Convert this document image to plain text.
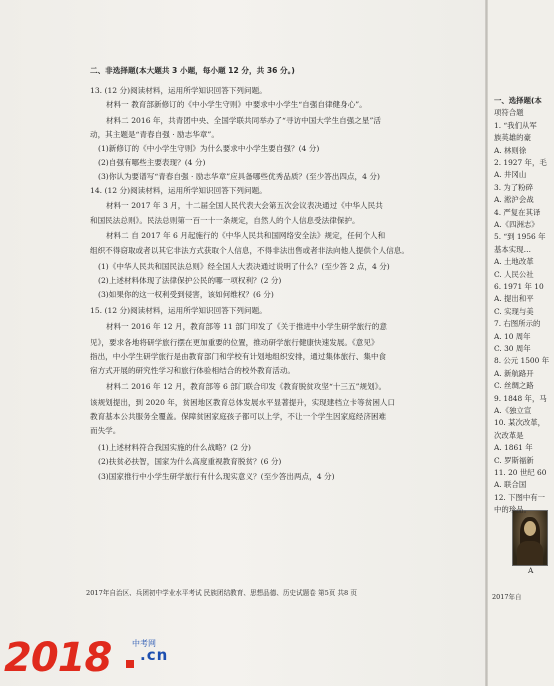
二、非选择题(本大题共 3 小题，每小题 12 分，共 36 分。)
13. (12 分)阅读材料，运用所学知识回答下列问题。
材料一 教育部新修订的《中小学生守则》中要求中小学生“自强自律健身心”。
材料二 2016 年，共青团中央、全国学联共同举办了“寻访中国大学生自强之星”活
动，其主题是“青春自强 · 励志华章”。
(1)新修订的《中小学生守则》为什么要求中小学生要自强？(4 分)
(2)自强有哪些主要表现？(4 分)
(3)你认为要谱写“青春自强 · 励志华章”应具备哪些优秀品质？(至少答出四点，4 分)
14. (12 分)阅读材料，运用所学知识回答下列问题。
材料一 2017 年 3 月，十二届全国人民代表大会第五次会议表决通过《中华人民共
和国民法总则》。民法总则第一百一十一条规定，自然人的个人信息受法律保护。
材料二 自 2017 年 6 月起施行的《中华人民共和国网络安全法》规定，任何个人和
组织不得窃取或者以其它非法方式获取个人信息，不得非法出售或者非法向他人提供个人信息。
(1)《中华人民共和国民法总则》经全国人大表决通过说明了什么？(至少答 2 点，4 分)
(2)上述材料体现了法律保护公民的哪一项权利？(2 分)
(3)如果你的这一权利受到侵害，该如何维权？(6 分)
15. (12 分)阅读材料，运用所学知识回答下列问题。
材料一 2016 年 12 月，教育部等 11 部门印发了《关于推进中小学生研学旅行的意
见》，要求各地将研学旅行摆在更加重要的位置，推动研学旅行健康快速发展。《意见》
指出，中小学生研学旅行是由教育部门和学校有计划地组织安排，通过集体旅行、集中食
宿方式开展的研究性学习和旅行体验相结合的校外教育活动。
材料二 2016 年 12 月，教育部等 6 部门联合印发《教育脱贫攻坚“十三五”规划》。
该规划提出，到 2020 年，贫困地区教育总体发展水平显著提升，实现建档立卡等贫困人口
教育基本公共服务全覆盖。保障贫困家庭孩子都可以上学，不让一个学生因家庭经济困难
而失学。
(1)上述材料符合我国实施的什么战略？(2 分)
(2)扶贫必扶智，国家为什么高度重视教育脱贫？(6 分)
(3)国家推行中小学生研学旅行有什么现实意义？(至少答出两点，4 分)
2017年自治区、兵团初中学业水平考试 民族团结教育、思想品德、历史试题卷 第5页 共8 页
A
2017年自
一、选择题(本
项符合题
1. “我们从军
族英雄的豪
A. 林则徐
2. 1927 年，毛
A. 井冈山
3. 为了粉碎
A. 淞沪会战
4. 严复在其译
A.《四洲志》
5. “到 1956 年
基本实现…
A. 土地改革
C. 人民公社
6. 1971 年 10
A. 提出和平
C. 实现与美
7. 右图所示的
A. 10 周年
C. 30 周年
8. 公元 1500 年
A. 新航路开
C. 丝绸之路
9. 1848 年，马
A.《独立宣
10. 某次改革，
次改革是
A. 1861 年
C. 罗斯福新
11. 20 世纪 60
A. 联合国
12. 下图中有一
中的珍品。
2018	中考网
.cn
